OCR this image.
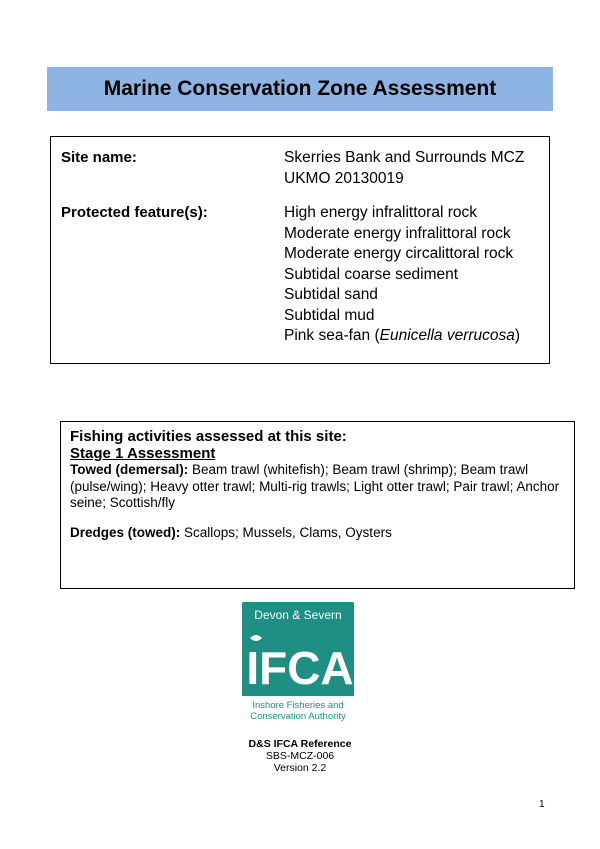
Marine Conservation Zone Assessment
Site name:	Skerries Bank and Surrounds MCZ
UKMO 20130019
Protected feature(s):	High energy infralittoral rock
Moderate energy infralittoral rock
Moderate energy circalittoral rock
Subtidal coarse sediment
Subtidal sand
Subtidal mud
Pink sea-fan (Eunicella verrucosa)
Fishing activities assessed at this site:
Stage 1 Assessment

Towed (demersal): Beam trawl (whitefish); Beam trawl (shrimp); Beam trawl (pulse/wing); Heavy otter trawl; Multi-rig trawls; Light otter trawl; Pair trawl; Anchor seine; Scottish/fly

Dredges (towed): Scallops; Mussels, Clams, Oysters

Devon & Severn
IFCA
Inshore Fisheries and
Conservation Authority
D&S IFCA Reference
SBS-MCZ-006
Version 2.2
1
